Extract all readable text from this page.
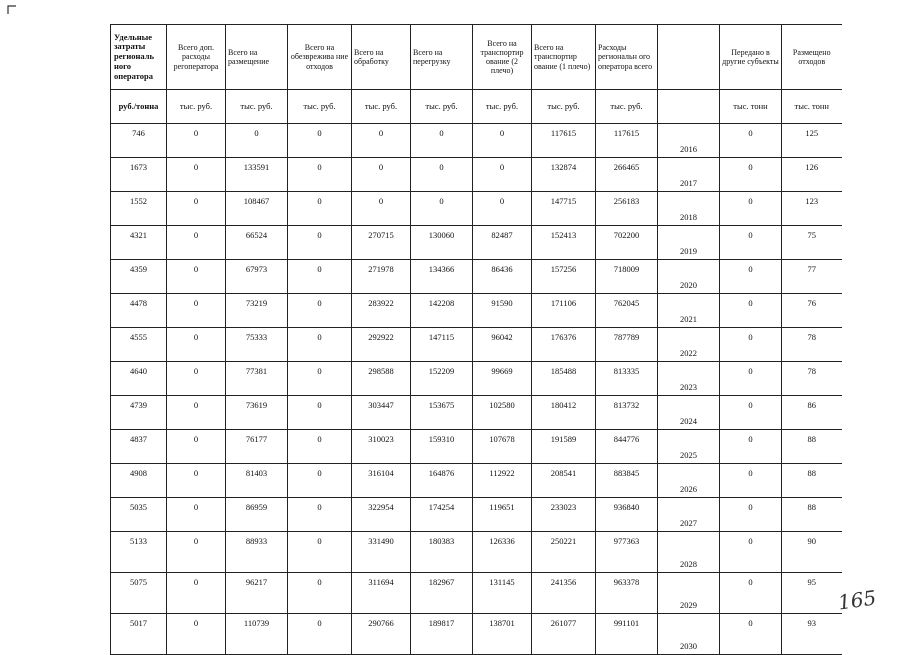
Удельные затраты региональ ного оператора	Всего доп. расходы регоператора	Всего на размещение	Всего на обезврежива ние отходов	Всего на обработку	Всего на перегрузку	Всего на транспортир ование (2 плечо)	Всего на транспортир ование (1 плечо)	Расходы региональн ого оператора всего		Передано в другие субъекты	Размещено отходов
руб./тонна	тыс. руб.	тыс. руб.	тыс. руб.	тыс. руб.	тыс. руб.	тыс. руб.	тыс. руб.	тыс. руб.		тыс. тонн	тыс. тонн
746	0	0	0	0	0	0	117615	117615	2016	0	125
1673	0	133591	0	0	0	0	132874	266465	2017	0	126
1552	0	108467	0	0	0	0	147715	256183	2018	0	123
4321	0	66524	0	270715	130060	82487	152413	702200	2019	0	75
4359	0	67973	0	271978	134366	86436	157256	718009	2020	0	77
4478	0	73219	0	283922	142208	91590	171106	762045	2021	0	76
4555	0	75333	0	292922	147115	96042	176376	787789	2022	0	78
4640	0	77381	0	298588	152209	99669	185488	813335	2023	0	78
4739	0	73619	0	303447	153675	102580	180412	813732	2024	0	86
4837	0	76177	0	310023	159310	107678	191589	844776	2025	0	88
4908	0	81403	0	316104	164876	112922	208541	883845	2026	0	88
5035	0	86959	0	322954	174254	119651	233023	936840	2027	0	88
5133	0	88933	0	331490	180383	126336	250221	977363	2028	0	90
5075	0	96217	0	311694	182967	131145	241356	963378	2029	0	95
5017	0	110739	0	290766	189817	138701	261077	991101	2030	0	93
165
